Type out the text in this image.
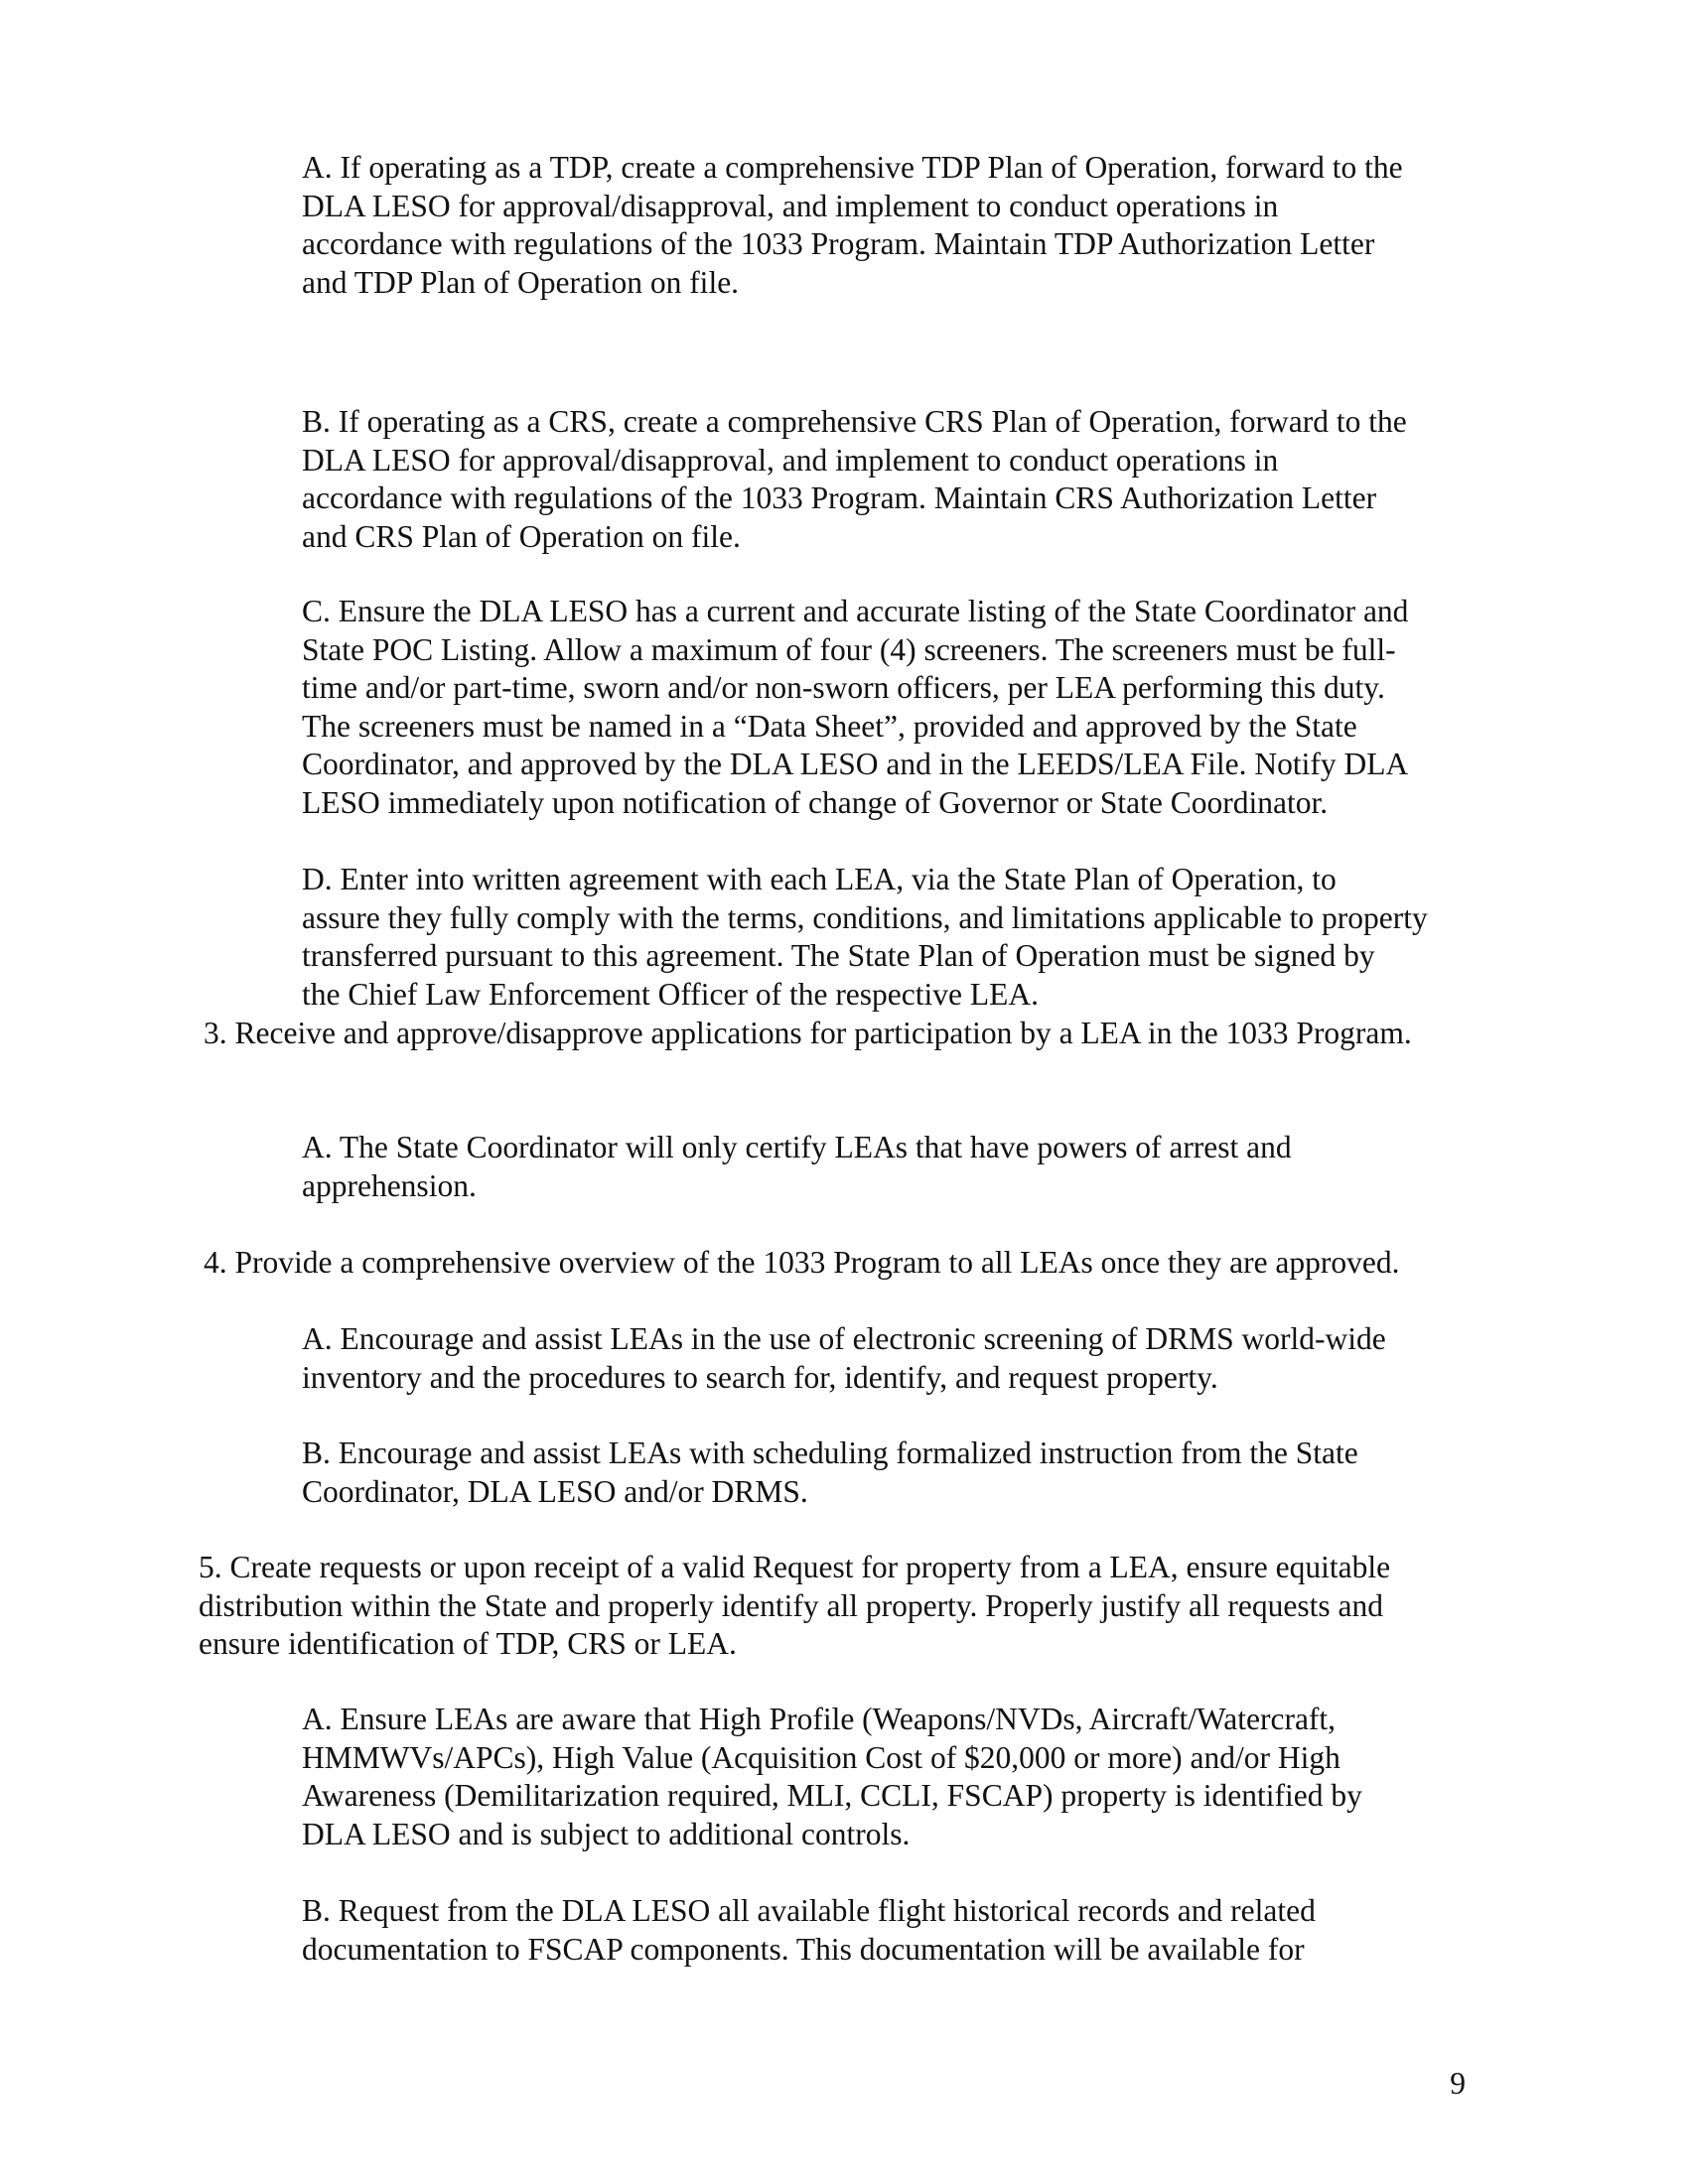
A. If operating as a TDP, create a comprehensive TDP Plan of Operation, forward to the
DLA LESO for approval/disapproval, and implement to conduct operations in
accordance with regulations of the 1033 Program. Maintain TDP Authorization Letter
and TDP Plan of Operation on file.

B. If operating as a CRS, create a comprehensive CRS Plan of Operation, forward to the
DLA LESO for approval/disapproval, and implement to conduct operations in
accordance with regulations of the 1033 Program. Maintain CRS Authorization Letter
and CRS Plan of Operation on file.

C. Ensure the DLA LESO has a current and accurate listing of the State Coordinator and
State POC Listing. Allow a maximum of four (4) screeners. The screeners must be full-
time and/or part-time, sworn and/or non-sworn officers, per LEA performing this duty.
The screeners must be named in a “Data Sheet”, provided and approved by the State
Coordinator, and approved by the DLA LESO and in the LEEDS/LEA File. Notify DLA
LESO immediately upon notification of change of Governor or State Coordinator.

D. Enter into written agreement with each LEA, via the State Plan of Operation, to
assure they fully comply with the terms, conditions, and limitations applicable to property
transferred pursuant to this agreement. The State Plan of Operation must be signed by
the Chief Law Enforcement Officer of the respective LEA.

3. Receive and approve/disapprove applications for participation by a LEA in the 1033 Program.

A. The State Coordinator will only certify LEAs that have powers of arrest and
apprehension.

4. Provide a comprehensive overview of the 1033 Program to all LEAs once they are approved.

A. Encourage and assist LEAs in the use of electronic screening of DRMS world-wide
inventory and the procedures to search for, identify, and request property.

B. Encourage and assist LEAs with scheduling formalized instruction from the State
Coordinator, DLA LESO and/or DRMS.

5. Create requests or upon receipt of a valid Request for property from a LEA, ensure equitable
distribution within the State and properly identify all property. Properly justify all requests and
ensure identification of TDP, CRS or LEA.

A. Ensure LEAs are aware that High Profile (Weapons/NVDs, Aircraft/Watercraft,
HMMWVs/APCs), High Value (Acquisition Cost of $20,000 or more) and/or High
Awareness (Demilitarization required, MLI, CCLI, FSCAP) property is identified by
DLA LESO and is subject to additional controls.

B. Request from the DLA LESO all available flight historical records and related
documentation to FSCAP components. This documentation will be available for

9
